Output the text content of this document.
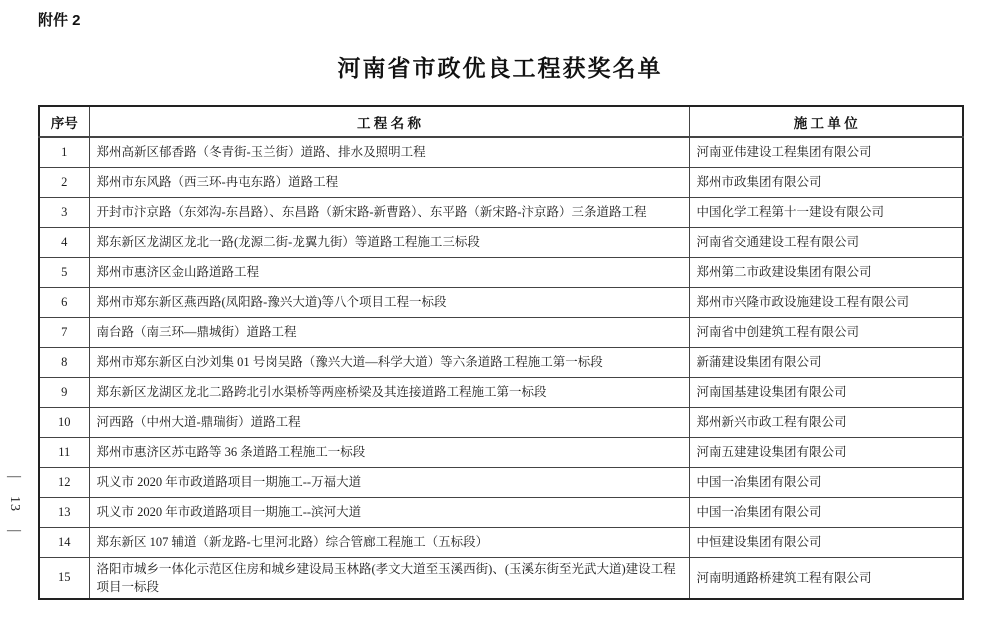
附件 2
河南省市政优良工程获奖名单
—
13
—
序号	工 程 名 称	施 工 单 位
1	郑州高新区郁香路（冬青街-玉兰街）道路、排水及照明工程	河南亚伟建设工程集团有限公司
2	郑州市东风路（西三环-冉屯东路）道路工程	郑州市政集团有限公司
3	开封市汴京路（东郊沟-东昌路）、东昌路（新宋路-新曹路）、东平路（新宋路-汴京路）三条道路工程	中国化学工程第十一建设有限公司
4	郑东新区龙湖区龙北一路(龙源二街-龙翼九街）等道路工程施工三标段	河南省交通建设工程有限公司
5	郑州市惠济区金山路道路工程	郑州第二市政建设集团有限公司
6	郑州市郑东新区燕西路(凤阳路-豫兴大道)等八个项目工程一标段	郑州市兴隆市政设施建设工程有限公司
7	南台路（南三环—鼎城街）道路工程	河南省中创建筑工程有限公司
8	郑州市郑东新区白沙刘集 01 号岗吴路（豫兴大道—科学大道）等六条道路工程施工第一标段	新蒲建设集团有限公司
9	郑东新区龙湖区龙北二路跨北引水渠桥等两座桥梁及其连接道路工程施工第一标段	河南国基建设集团有限公司
10	河西路（中州大道-鼎瑞街）道路工程	郑州新兴市政工程有限公司
11	郑州市惠济区苏屯路等 36 条道路工程施工一标段	河南五建建设集团有限公司
12	巩义市 2020 年市政道路项目一期施工--万福大道	中国一冶集团有限公司
13	巩义市 2020 年市政道路项目一期施工--滨河大道	中国一冶集团有限公司
14	郑东新区 107 辅道（新龙路-七里河北路）综合管廊工程施工（五标段）	中恒建设集团有限公司
15	洛阳市城乡一体化示范区住房和城乡建设局玉林路(孝文大道至玉溪西街)、(玉溪东街至光武大道)建设工程项目一标段	河南明通路桥建筑工程有限公司
